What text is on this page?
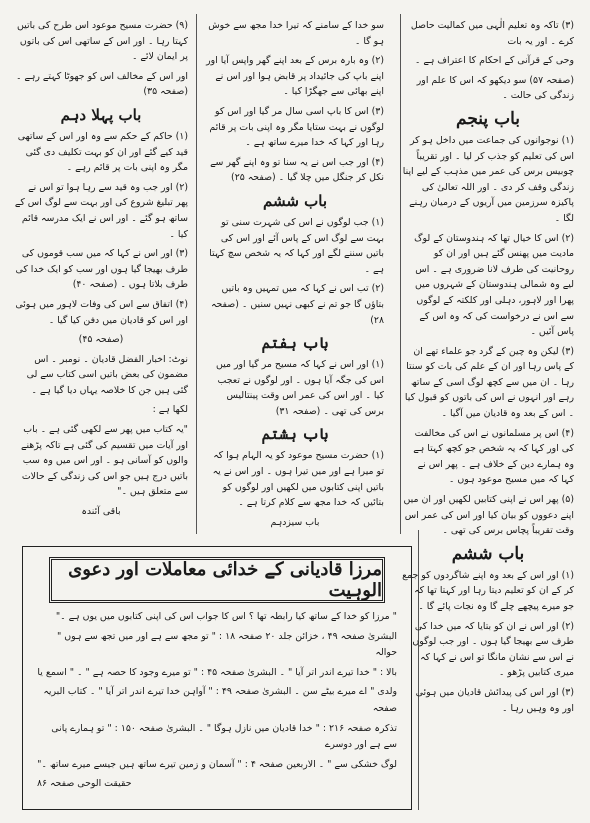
(۳) تاکہ وہ تعلیم الٰہی میں کمالیت حاصل کرے ۔ اور یہ بات

وحی کے قرآنی کے احکام کا اعتراف ہے ۔

(صفحہ ۵۷) سو دیکھو کہ اس کا علم اور زندگی کی حالت ۔

باب پنجم

(۱) نوجوانوں کی جماعت میں داخل ہو کر اس کی تعلیم کو جذب کر لیا ۔ اور تقریباً چوبیس برس کی عمر میں مذہب کے لیے اپنا زندگی وقف کر دی ۔ اور اللہ تعالیٰ کی پاکیزہ سرزمین میں آریوں کے درمیان رہنے لگا ۔

(۲) اس کا خیال تھا کہ ہندوستان کے لوگ مادیت میں پھنس گئے ہیں اور ان کو روحانیت کی طرف لانا ضروری ہے ۔ اس لیے وہ شمالی ہندوستان کے شہروں میں پھرا اور لاہور، دہلی اور کلکتہ کے لوگوں سے اس نے درخواست کی کہ وہ اس کے پاس آئیں ۔

(۳) لیکن وہ چین کے گرد جو علماء تھے ان کے پاس رہا اور ان کے علم کی بات کو سنتا رہا ۔ ان میں سے کچھ لوگ اسی کے ساتھ رہے اور انہوں نے اس کی باتوں کو قبول کیا ۔ اس کے بعد وہ قادیان میں آگیا ۔

(۴) اس پر مسلمانوں نے اس کی مخالفت کی اور کہا کہ یہ شخص جو کچھ کہتا ہے وہ ہمارے دین کے خلاف ہے ۔ پھر اس نے کہا کہ میں مسیح موعود ہوں ۔

(۵) پھر اس نے اپنی کتابیں لکھیں اور ان میں اپنے دعووں کو بیان کیا اور اس کی عمر اس وقت تقریباً پچاس برس کی تھی ۔

باب ششم

(۱) اور اس کے بعد وہ اپنے شاگردوں کو جمع کر کے ان کو تعلیم دیتا رہا اور کہتا تھا کہ جو میرے پیچھے چلے گا وہ نجات پائے گا ۔

(۲) اور اس نے ان کو بتایا کہ میں خدا کی طرف سے بھیجا گیا ہوں ۔ اور جب لوگوں نے اس سے نشان مانگا تو اس نے کہا کہ میری کتابیں پڑھو ۔

(۳) اور اس کی پیدائش قادیان میں ہوئی اور وہ وہیں رہا ۔

سو خدا کے سامنے کہ تیرا خدا مجھ سے خوش ہو گا ۔

(۲) وہ بارہ برس کے بعد اپنے گھر واپس آیا اور اپنے باپ کی جائیداد پر قابض ہوا اور اس نے اپنے بھائی سے جھگڑا کیا ۔

(۳) اس کا باپ اسی سال مر گیا اور اس کو لوگوں نے بہت ستایا مگر وہ اپنی بات پر قائم رہا اور کہا کہ خدا میرے ساتھ ہے ۔

(۴) اور جب اس نے یہ سنا تو وہ اپنے گھر سے نکل کر جنگل میں چلا گیا ۔ (صفحہ ۲۵)

باب ششم

(۱) جب لوگوں نے اس کی شہرت سنی تو بہت سے لوگ اس کے پاس آئے اور اس کی باتیں سننے لگے اور کہا کہ یہ شخص سچ کہتا ہے ۔

(۲) تب اس نے کہا کہ میں تمہیں وہ باتیں بتاؤں گا جو تم نے کبھی نہیں سنیں ۔ (صفحہ ۲۸)

باب ہفتم

(۱) اور اس نے کہا کہ مسیح مر گیا اور میں اس کی جگہ آیا ہوں ۔ اور لوگوں نے تعجب کیا ۔ اور اس کی عمر اس وقت پینتالیس برس کی تھی ۔ (صفحہ ۳۱)

باب ہشتم

(۱) حضرت مسیح موعود کو یہ الہام ہوا کہ تو میرا ہے اور میں تیرا ہوں ۔ اور اس نے یہ باتیں اپنی کتابوں میں لکھیں اور لوگوں کو بتائیں کہ خدا مجھ سے کلام کرتا ہے ۔

باب سیزدہم

(۹) حضرت مسیح موعود اس طرح کی باتیں کہتا رہا ۔ اور اس کے ساتھی اس کی باتوں پر ایمان لائے ۔

اور اس کے مخالف اس کو جھوٹا کہتے رہے ۔ (صفحہ ۳۵)

باب پہلا دہم

(۱) حاکم کے حکم سے وہ اور اس کے ساتھی قید کیے گئے اور ان کو بہت تکلیف دی گئی مگر وہ اپنی بات پر قائم رہے ۔

(۲) اور جب وہ قید سے رہا ہوا تو اس نے پھر تبلیغ شروع کی اور بہت سے لوگ اس کے ساتھ ہو گئے ۔ اور اس نے ایک مدرسہ قائم کیا ۔

(۳) اور اس نے کہا کہ میں سب قوموں کی طرف بھیجا گیا ہوں اور سب کو ایک خدا کی طرف بلاتا ہوں ۔ (صفحہ ۴۰)

(۴) اتفاق سے اس کی وفات لاہور میں ہوئی اور اس کو قادیان میں دفن کیا گیا ۔

(صفحہ ۴۵)

نوٹ: اخبار الفضل قادیان ۔ نومبر ۔ اس مضمون کی بعض باتیں اسی کتاب سے لی گئی ہیں جن کا خلاصہ یہاں دیا گیا ہے ۔

لکھا ہے :

"یہ کتاب میں پھر سے لکھی گئی ہے ۔ باب اور آیات میں تقسیم کی گئی ہے تاکہ پڑھنے والوں کو آسانی ہو ۔ اور اس میں وہ سب باتیں درج ہیں جو اس کی زندگی کے حالات سے متعلق ہیں ۔"

باقی آئندہ

مرزا قادیانی کے خدائی معاملات اور دعوی الوہیت

" مرزا کو خدا کے ساتھ کیا رابطہ تھا ؟ اس کا جواب اس کی اپنی کتابوں میں یوں ہے ۔"

البشریٰ صفحہ ۴۹ ، خزائن جلد ۲۰ صفحہ ۱۸ : " تو مجھ سے ہے اور میں تجھ سے ہوں " حوالہ

بالا : " خدا تیرے اندر اتر آیا " ۔ البشریٰ صفحہ ۴۵ : " تو میرے وجود کا حصہ ہے " ۔ " اسمع یا

ولدی " اے میرے بیٹے سن ۔ البشریٰ صفحہ ۴۹ : " آواہن خدا تیرے اندر اتر آیا " ۔ کتاب البریہ صفحہ

تذکرہ صفحہ ۲۱۶ : " خدا قادیان میں نازل ہوگا " ۔ البشریٰ صفحہ ۱۵۰ : " تو ہمارے پانی سے ہے اور دوسرے

لوگ خشکی سے " ۔ الاربعین صفحہ ۴ : " آسمان و زمین تیرے ساتھ ہیں جیسے میرے ساتھ ۔"

حقیقت الوحی صفحہ ۸۶
